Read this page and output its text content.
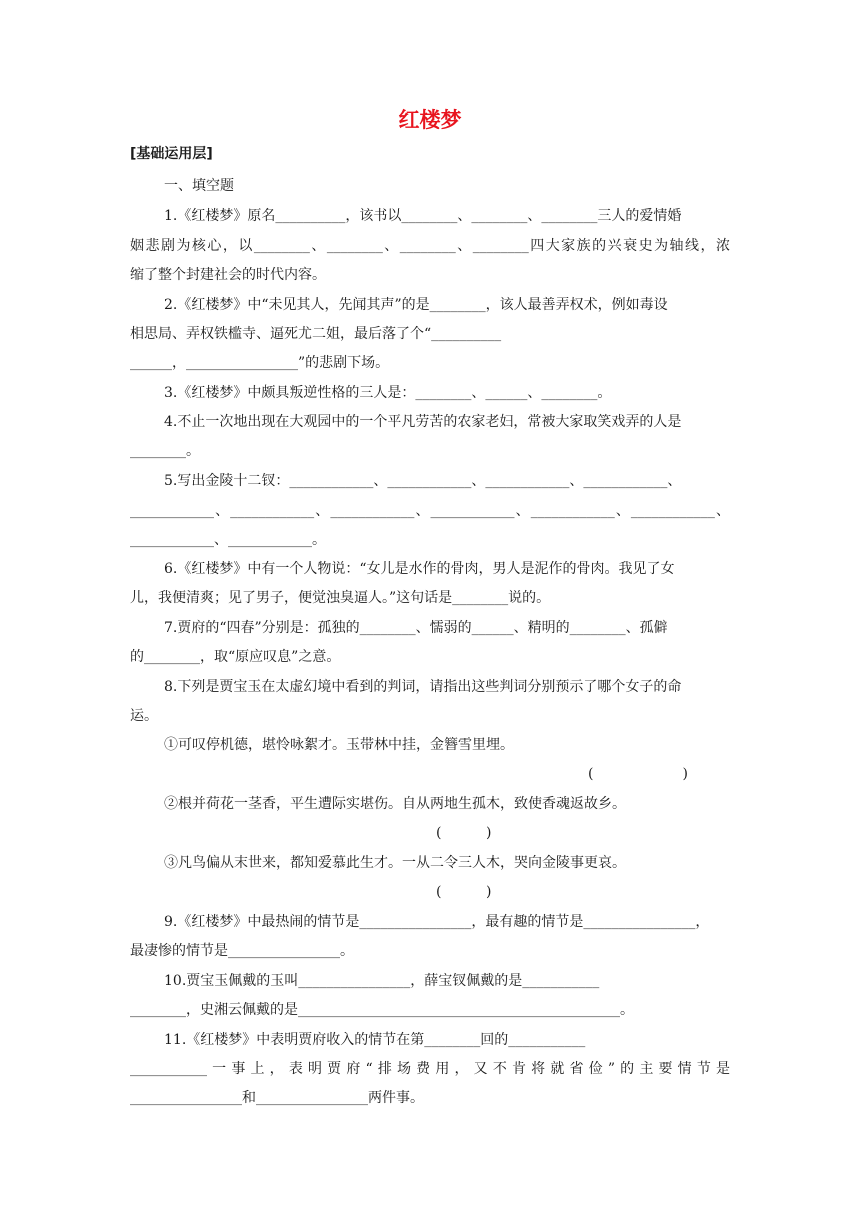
红楼梦
[基础运用层]
一、填空题
1.《红楼梦》原名__________，该书以________、________、________三人的爱情婚
姻悲剧为核心，以________、________、________、________四大家族的兴衰史为轴线，浓
缩了整个封建社会的时代内容。
2.《红楼梦》中“未见其人，先闻其声”的是________，该人最善弄权术，例如毒设
相思局、弄权铁槛寺、逼死尤二姐，最后落了个“__________
______，________________”的悲剧下场。
3.《红楼梦》中颇具叛逆性格的三人是：________、______、________。
4.不止一次地出现在大观园中的一个平凡劳苦的农家老妇，常被大家取笑戏弄的人是
________。
5.写出金陵十二钗：____________、____________、____________、____________、
____________、____________、____________、____________、____________、____________、
____________、____________。
6.《红楼梦》中有一个人物说：“女儿是水作的骨肉，男人是泥作的骨肉。我见了女
儿，我便清爽；见了男子，便觉浊臭逼人。”这句话是________说的。
7.贾府的“四春”分别是：孤独的________、懦弱的______、精明的________、孤僻
的________，取“原应叹息”之意。
8.下列是贾宝玉在太虚幻境中看到的判词，请指出这些判词分别预示了哪个女子的命
运。
①可叹停机德，堪怜咏絮才。玉带林中挂，金簪雪里埋。
(                    )
②根并荷花一茎香，平生遭际实堪伤。自从两地生孤木，致使香魂返故乡。
(          )
③凡鸟偏从末世来，都知爱慕此生才。一从二令三人木，哭向金陵事更哀。
(          )
9.《红楼梦》中最热闹的情节是________________，最有趣的情节是________________，
最凄惨的情节是________________。
10.贾宝玉佩戴的玉叫________________，薛宝钗佩戴的是___________
________，史湘云佩戴的是______________________________________________。
11.《红楼梦》中表明贾府收入的情节在第________回的___________
___________一事上，表明贾府“排场费用，又不肯将就省俭”的主要情节是
________________和________________两件事。
